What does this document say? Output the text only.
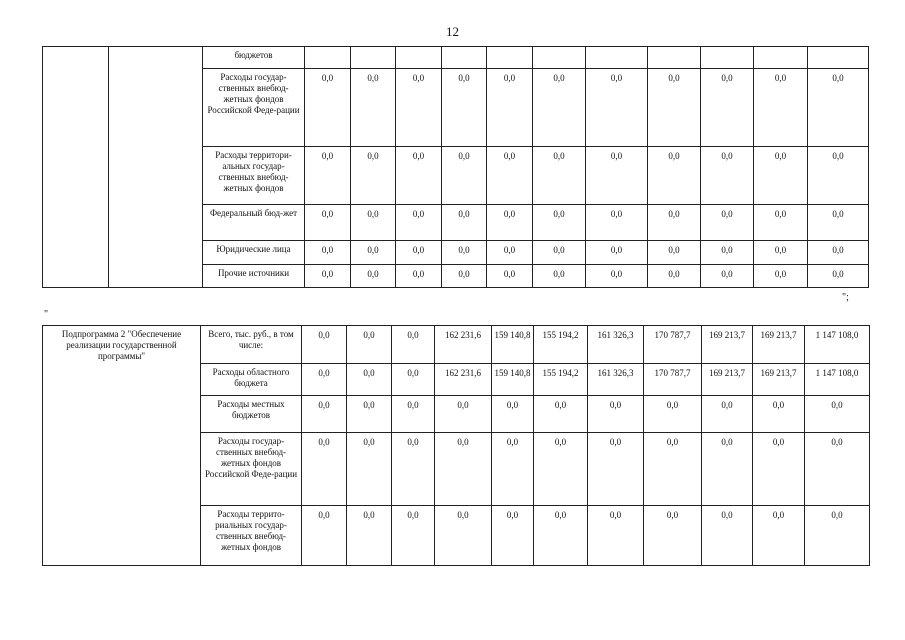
12
		бюджетов												
		Расходы государ-ственных внебюд-жетных фондов Российской Феде-рации	0,0	0,0	0,0	0,0	0,0	0,0	0,0	0,0	0,0	0,0	0,0	
		Расходы территори-альных государ-ственных внебюд-жетных фондов	0,0	0,0	0,0	0,0	0,0	0,0	0,0	0,0	0,0	0,0	0,0	
		Федеральный бюд-жет	0,0	0,0	0,0	0,0	0,0	0,0	0,0	0,0	0,0	0,0	0,0	
		Юридические лица	0,0	0,0	0,0	0,0	0,0	0,0	0,0	0,0	0,0	0,0	0,0	
		Прочие источники	0,0	0,0	0,0	0,0	0,0	0,0	0,0	0,0	0,0	0,0	0,0	
";
"
Подпрограмма 2 "Обеспечение реализации государственной программы"	Всего, тыс. руб., в том числе:	0,0	0,0	0,0	162 231,6	159 140,8	155 194,2	161 326,3	170 787,7	169 213,7	169 213,7	1 147 108,0
	Расходы областного бюджета	0,0	0,0	0,0	162 231,6	159 140,8	155 194,2	161 326,3	170 787,7	169 213,7	169 213,7	1 147 108,0
	Расходы местных бюджетов	0,0	0,0	0,0	0,0	0,0	0,0	0,0	0,0	0,0	0,0	0,0
	Расходы государ-ственных внебюд-жетных фондов Российской Феде-рации	0,0	0,0	0,0	0,0	0,0	0,0	0,0	0,0	0,0	0,0	0,0
	Расходы террито-риальных государ-ственных внебюд-жетных фондов	0,0	0,0	0,0	0,0	0,0	0,0	0,0	0,0	0,0	0,0	0,0
